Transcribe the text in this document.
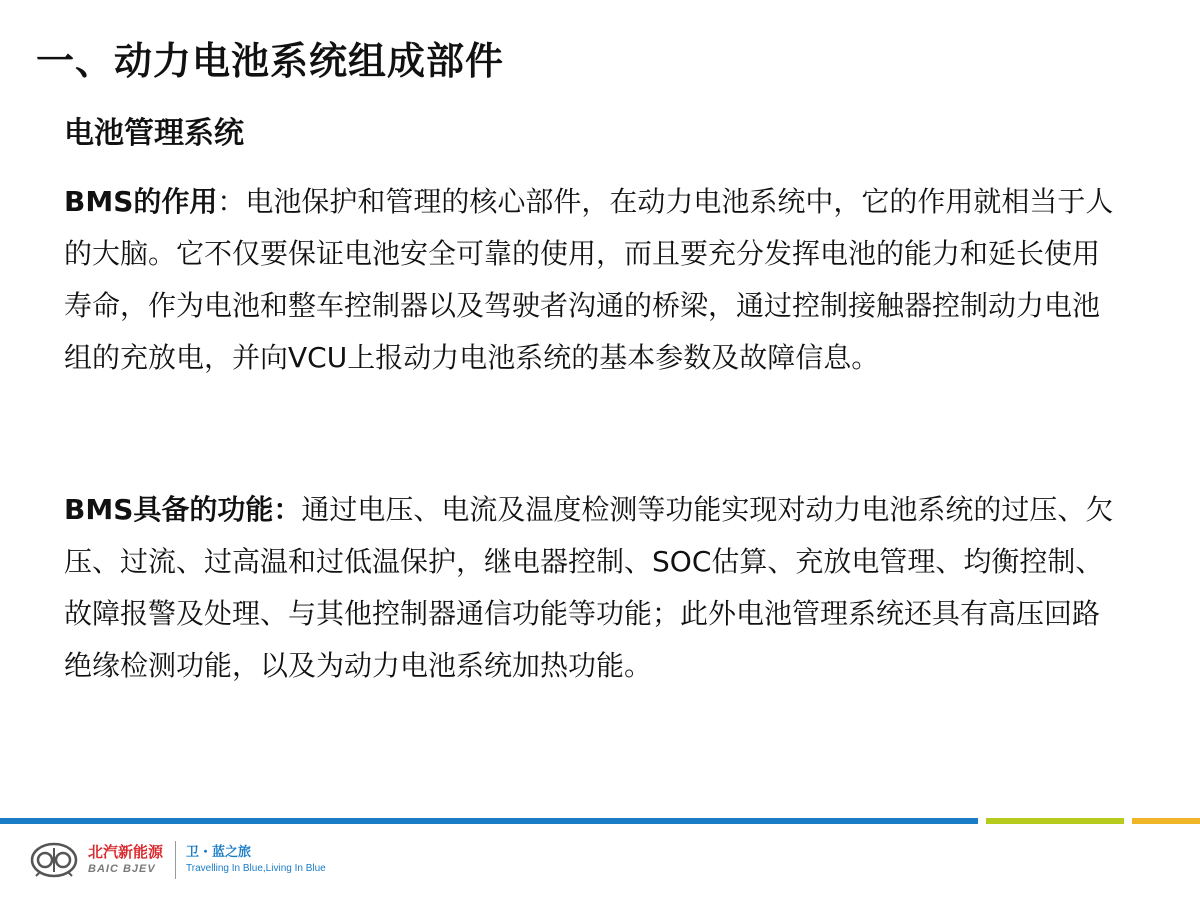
一、动力电池系统组成部件
电池管理系统

BMS的作用：电池保护和管理的核心部件，在动力电池系统中，它的作用就相当于人的大脑。它不仅要保证电池安全可靠的使用，而且要充分发挥电池的能力和延长使用寿命，作为电池和整车控制器以及驾驶者沟通的桥梁，通过控制接触器控制动力电池组的充放电，并向VCU上报动力电池系统的基本参数及故障信息。

BMS具备的功能：通过电压、电流及温度检测等功能实现对动力电池系统的过压、欠压、过流、过高温和过低温保护，继电器控制、SOC估算、充放电管理、均衡控制、故障报警及处理、与其他控制器通信功能等功能；此外电池管理系统还具有高压回路绝缘检测功能，以及为动力电池系统加热功能。

北汽新能源
BAIC BJEV
卫・蓝之旅
Travelling In Blue,Living In Blue
